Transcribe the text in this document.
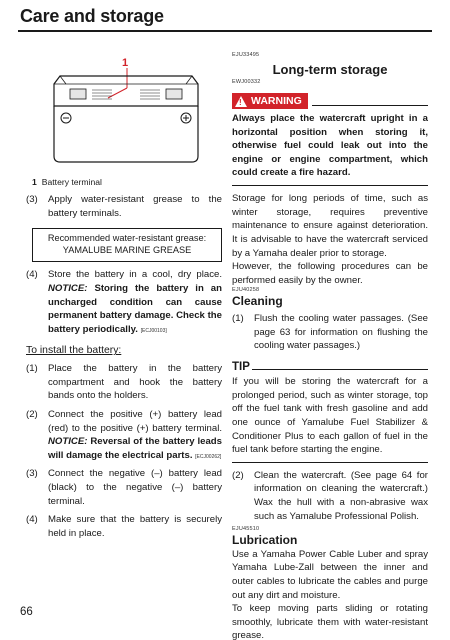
Care and storage
1
1 Battery terminal
(3)	Apply water-resistant grease to the battery terminals.
Recommended water-resistant grease:
YAMALUBE MARINE GREASE
(4)	Store the battery in a cool, dry place. NOTICE: Storing the battery in an uncharged condition can cause permanent battery damage. Check the battery periodically. [ECJ00103]
To install the battery:
(1)	Place the battery in the battery compartment and hook the battery bands onto the holders.
(2)	Connect the positive (+) battery lead (red) to the positive (+) battery terminal. NOTICE: Reversal of the battery leads will damage the electrical parts. [ECJ00262]
(3)	Connect the negative (–) battery lead (black) to the negative (–) battery terminal.
(4)	Make sure that the battery is securely held in place.
EJU33495
Long-term storage
EWJ00332
! WARNING
Always place the watercraft upright in a horizontal position when storing it, otherwise fuel could leak out into the engine or engine compartment, which could create a fire hazard.
Storage for long periods of time, such as winter storage, requires preventive maintenance to ensure against deterioration. It is advisable to have the watercraft serviced by a Yamaha dealer prior to storage.
However, the following procedures can be performed easily by the owner.
EJU40258
Cleaning
(1)	Flush the cooling water passages. (See page 63 for information on flushing the cooling water passages.)
TIP
If you will be storing the watercraft for a prolonged period, such as winter storage, top off the fuel tank with fresh gasoline and add one ounce of Yamalube Fuel Stabilizer & Conditioner Plus to each gallon of fuel in the fuel tank before starting the engine.
(2)	Clean the watercraft. (See page 64 for information on cleaning the watercraft.) Wax the hull with a non-abrasive wax such as Yamalube Professional Polish.
EJU45510
Lubrication
Use a Yamaha Power Cable Luber and spray Yamaha Lube-Zall between the inner and outer cables to lubricate the cables and purge out any dirt and moisture.
To keep moving parts sliding or rotating smoothly, lubricate them with water-resistant grease.
66
